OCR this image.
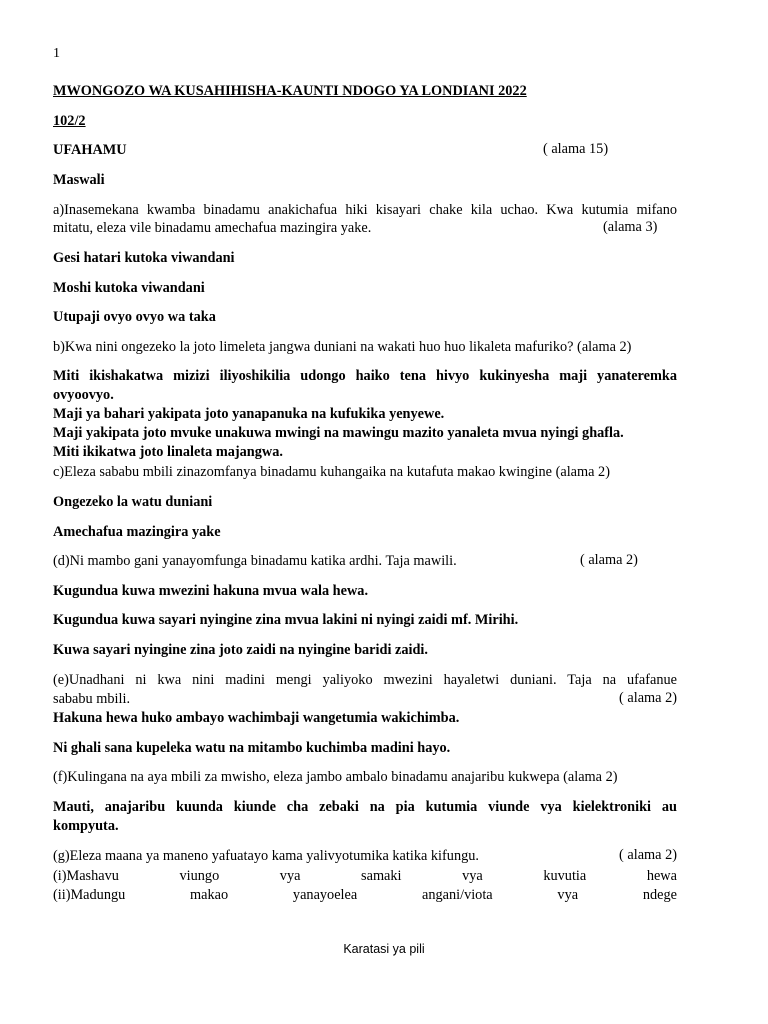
1
MWONGOZO WA KUSAHIHISHA-KAUNTI NDOGO YA LONDIANI 2022
102/2
UFAHAMU	( alama 15)
Maswali
a)Inasemekana kwamba binadamu anakichafua hiki kisayari chake kila uchao. Kwa kutumia mifano
mitatu, eleza vile binadamu amechafua mazingira yake.	(alama 3)
Gesi hatari kutoka viwandani
Moshi kutoka viwandani
Utupaji ovyo ovyo wa taka
b)Kwa nini ongezeko la joto limeleta jangwa duniani na wakati huo huo likaleta mafuriko? (alama 2)
Miti ikishakatwa mizizi iliyoshikilia udongo haiko tena hivyo kukinyesha maji yanateremka
ovyoovyo.
Maji ya bahari yakipata joto yanapanuka na kufukika yenyewe.
Maji yakipata joto mvuke unakuwa mwingi na mawingu mazito yanaleta mvua nyingi ghafla.
Miti ikikatwa joto linaleta majangwa.
c)Eleza sababu mbili zinazomfanya binadamu kuhangaika na kutafuta makao kwingine (alama 2)
Ongezeko la watu duniani
Amechafua mazingira yake
(d)Ni mambo gani yanayomfunga binadamu katika ardhi. Taja mawili.	( alama 2)
Kugundua kuwa mwezini hakuna mvua wala hewa.
Kugundua kuwa sayari nyingine zina mvua lakini ni nyingi zaidi mf. Mirihi.
Kuwa sayari nyingine zina joto zaidi na nyingine baridi zaidi.
(e)Unadhani ni kwa nini madini mengi yaliyoko mwezini hayaletwi duniani. Taja na ufafanue
sababu mbili.	( alama 2)
Hakuna hewa huko ambayo wachimbaji wangetumia wakichimba.
Ni ghali sana kupeleka watu na mitambo kuchimba madini hayo.
(f)Kulingana na aya mbili za mwisho, eleza jambo ambalo binadamu anajaribu kukwepa (alama 2)
Mauti, anajaribu kuunda kiunde cha zebaki na pia kutumia viunde vya kielektroniki au
kompyuta.
(g)Eleza maana ya maneno yafuatayo kama yalivyotumika katika kifungu.	( alama 2)
(i)Mashavu	viungo	vya	samaki	vya	kuvutia	hewa
(ii)Madungu	makao	yanayoelea	angani/viota	vya	ndege
Karatasi ya pili
